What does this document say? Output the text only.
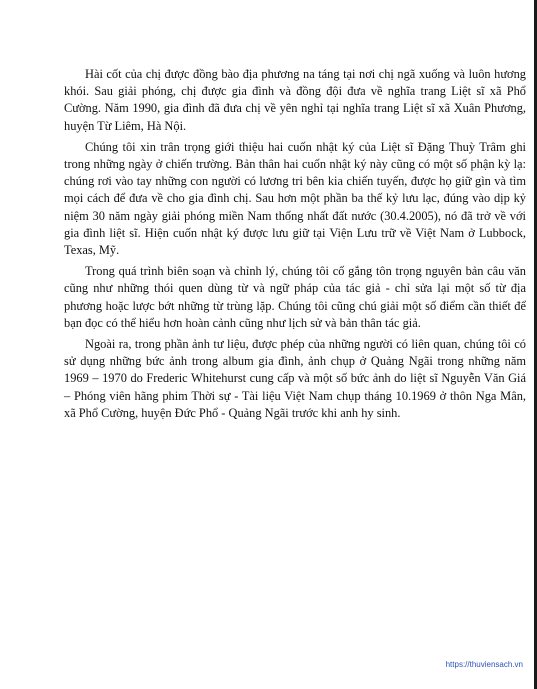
Hài cốt của chị được đồng bào địa phương na táng tại nơi chị ngã xuống và luôn hương khói. Sau giải phóng, chị được gia đình và đồng đội đưa về nghĩa trang Liệt sĩ xã Phổ Cường. Năm 1990, gia đình đã đưa chị về yên nghỉ tại nghĩa trang Liệt sĩ xã Xuân Phương, huyện Từ Liêm, Hà Nội.

Chúng tôi xin trân trọng giới thiệu hai cuốn nhật ký của Liệt sĩ Đặng Thuỳ Trâm ghi trong những ngày ở chiến trường. Bản thân hai cuốn nhật ký này cũng có một số phận kỳ lạ: chúng rơi vào tay những con người có lương tri bên kia chiến tuyến, được họ giữ gìn và tìm mọi cách để đưa về cho gia đình chị. Sau hơn một phần ba thế kỷ lưu lạc, đúng vào dịp kỷ niệm 30 năm ngày giải phóng miền Nam thống nhất đất nước (30.4.2005), nó đã trở về với gia đình liệt sĩ. Hiện cuốn nhật ký được lưu giữ tại Viện Lưu trữ về Việt Nam ở Lubbock, Texas, Mỹ.

Trong quá trình biên soạn và chỉnh lý, chúng tôi cố gắng tôn trọng nguyên bản câu văn cũng như những thói quen dùng từ và ngữ pháp của tác giả - chỉ sửa lại một số từ địa phương hoặc lược bớt những từ trùng lặp. Chúng tôi cũng chú giải một số điểm cần thiết để bạn đọc có thể hiểu hơn hoàn cảnh cũng như lịch sử và bản thân tác giả.

Ngoài ra, trong phần ảnh tư liệu, được phép của những người có liên quan, chúng tôi có sử dụng những bức ảnh trong album gia đình, ảnh chụp ở Quảng Ngãi trong những năm 1969 – 1970 do Frederic Whitehurst cung cấp và một số bức ảnh do liệt sĩ Nguyễn Văn Giá – Phóng viên hãng phim Thời sự - Tài liệu Việt Nam chụp tháng 10.1969 ở thôn Nga Mân, xã Phổ Cường, huyện Đức Phổ - Quảng Ngãi trước khi anh hy sinh.

https://thuviensach.vn
